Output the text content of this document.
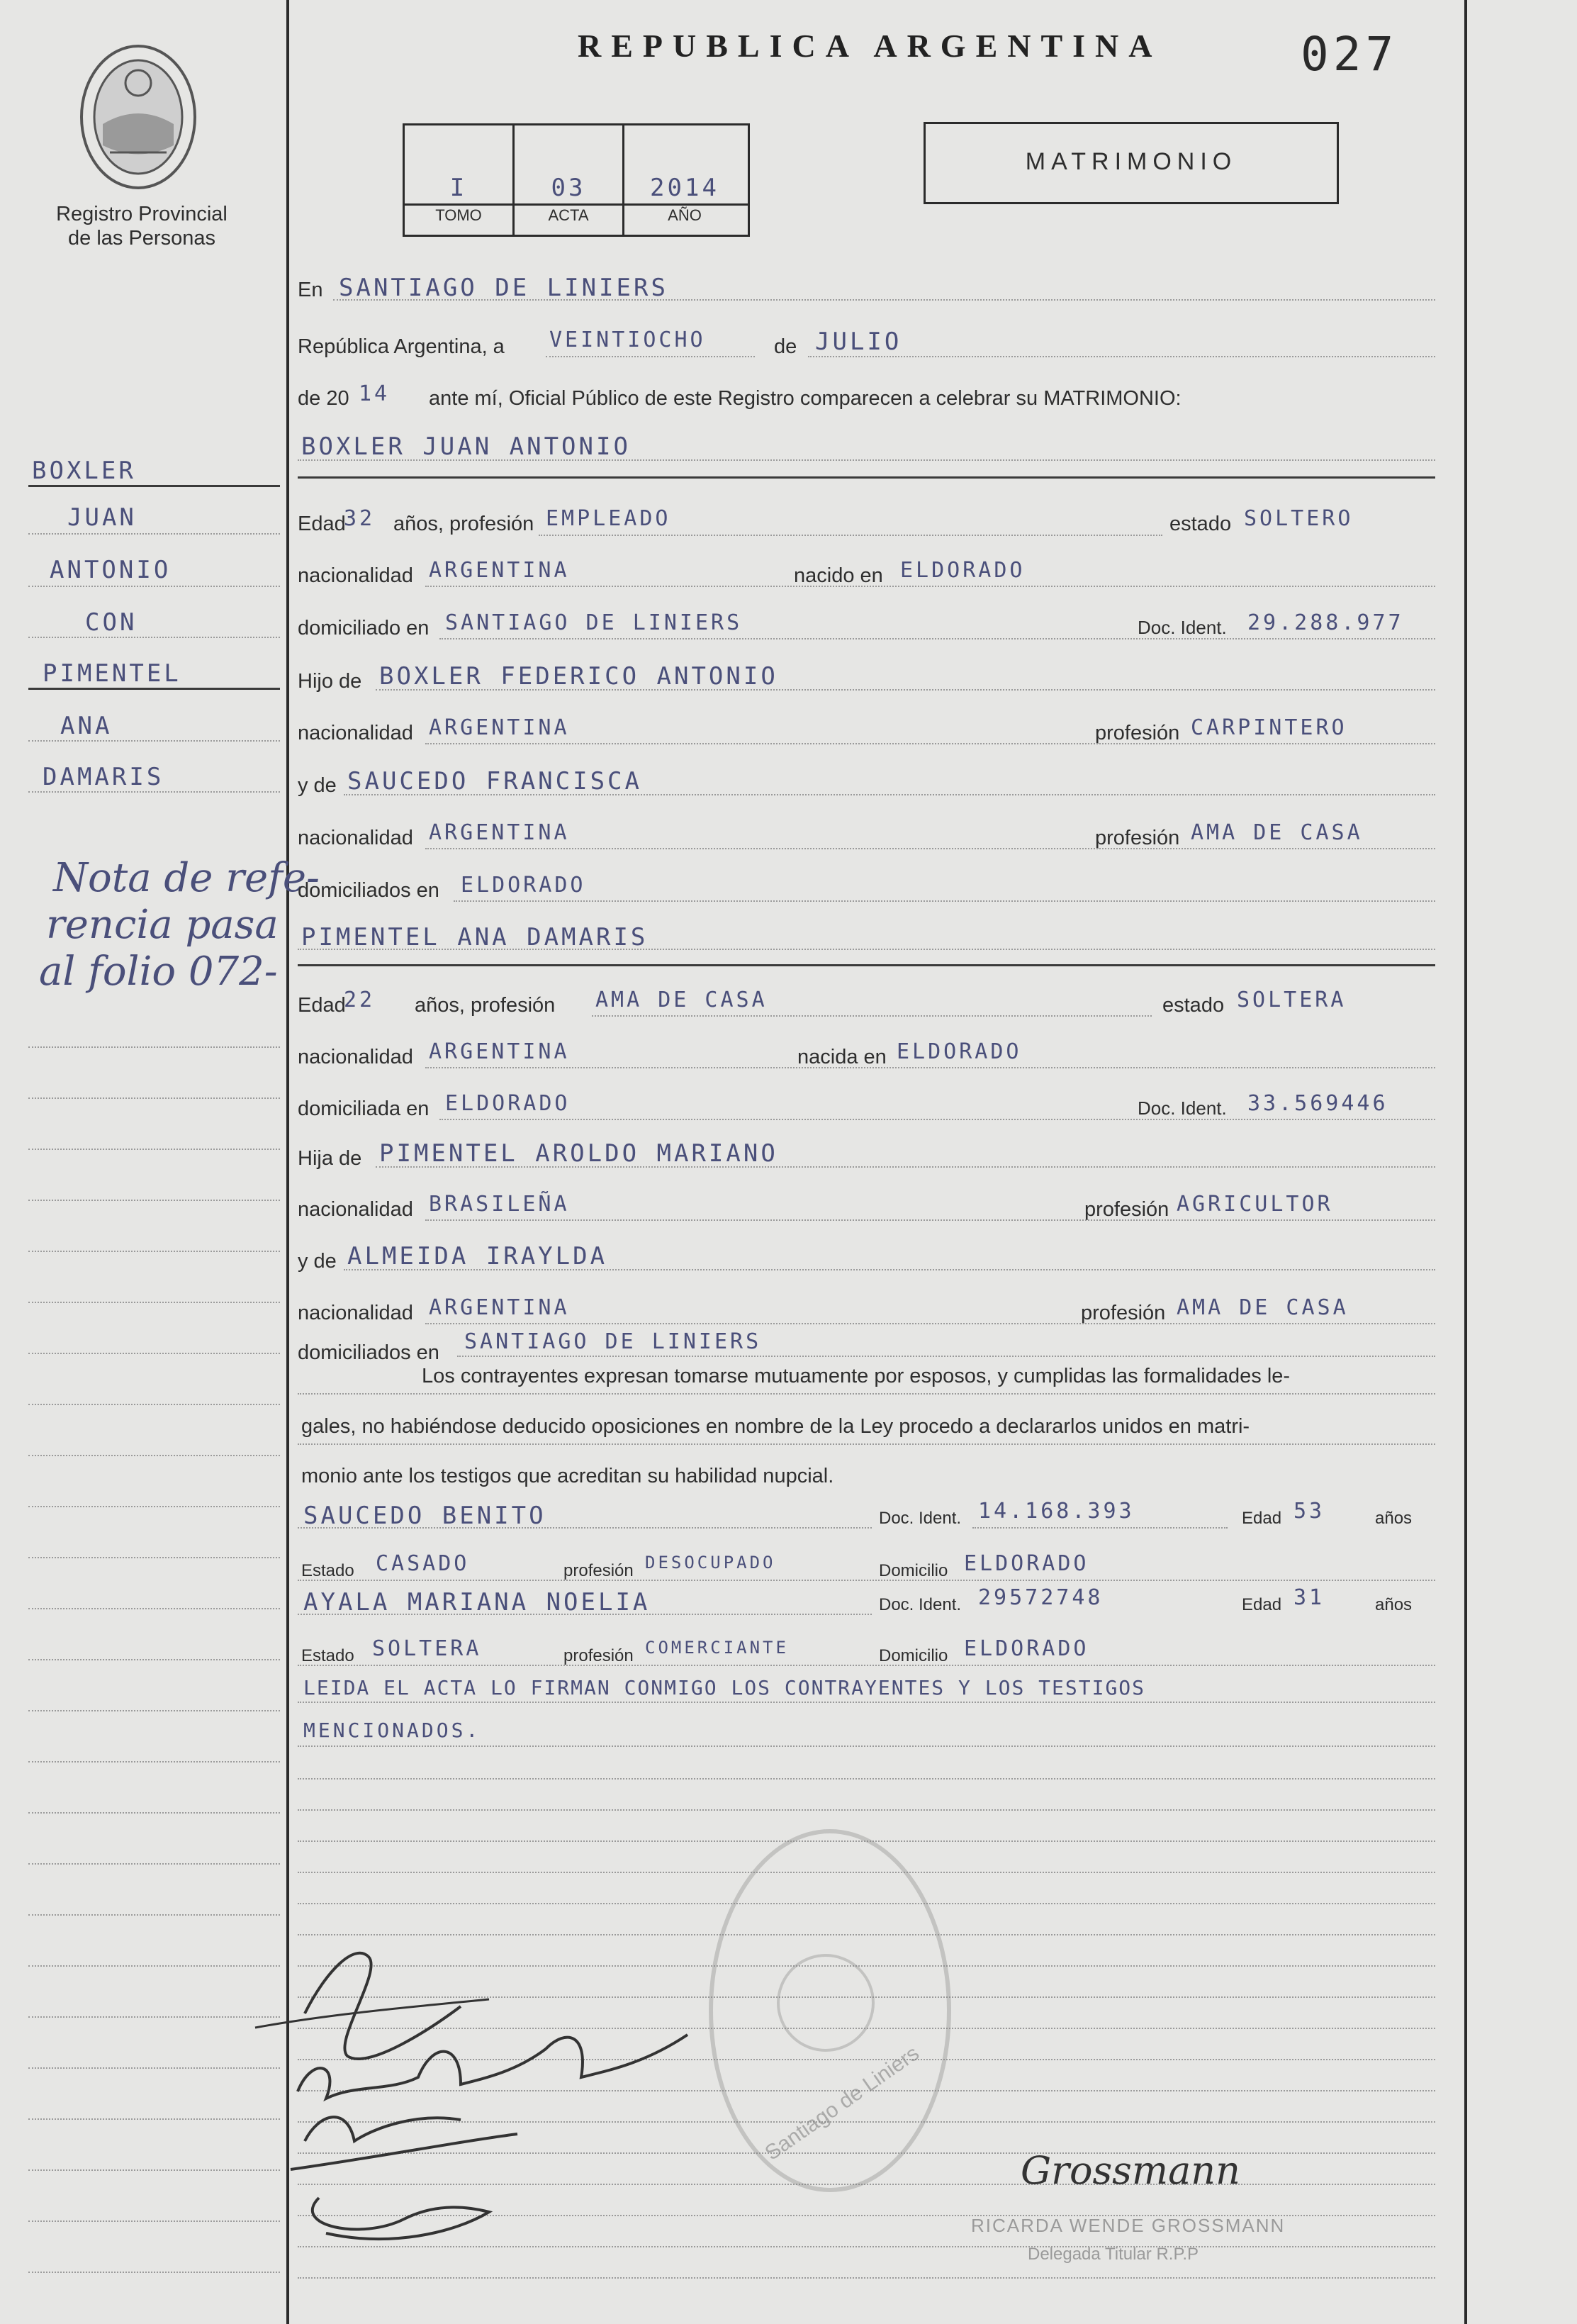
Registro Provincial
de las Personas
REPUBLICA ARGENTINA	027
I	03	2014
TOMO	ACTA	AÑO
MATRIMONIO
BOXLER
JUAN
ANTONIO
CON
PIMENTEL
ANA
DAMARIS
Nota de refe-
rencia pasa
al folio 072-
En SANTIAGO DE LINIERS
República Argentina, a VEINTIOCHO	de JULIO
de 20 14 ante mí, Oficial Público de este Registro comparecen a celebrar su MATRIMONIO:
BOXLER JUAN ANTONIO
Edad
32 años, profesión EMPLEADO	estado SOLTERO
nacionalidad ARGENTINA	nacido en ELDORADO
domiciliado en SANTIAGO DE LINIERS	Doc. Ident. 29.288.977
Hijo de BOXLER FEDERICO ANTONIO
nacionalidad ARGENTINA	profesión CARPINTERO
y de SAUCEDO FRANCISCA
nacionalidad ARGENTINA	profesión AMA DE CASA
domiciliados en ELDORADO
PIMENTEL ANA DAMARIS
Edad
22 años, profesión AMA DE CASA	estado SOLTERA
nacionalidad ARGENTINA	nacida en ELDORADO
domiciliada en ELDORADO	Doc. Ident. 33.569446
Hija de PIMENTEL AROLDO MARIANO
nacionalidad BRASILEÑA	profesión AGRICULTOR
y de ALMEIDA IRAYLDA
nacionalidad ARGENTINA	profesión AMA DE CASA
domiciliados en SANTIAGO DE LINIERS
Los contrayentes expresan tomarse mutuamente por esposos, y cumplidas las formalidades le-
gales, no habiéndose deducido oposiciones en nombre de la Ley procedo a declararlos unidos en matri-
monio ante los testigos que acreditan su habilidad nupcial.
SAUCEDO BENITO	Doc. Ident. 14.168.393	Edad 53	años
Estado CASADO	profesión DESOCUPADO	Domicilio ELDORADO
AYALA MARIANA NOELIA	Doc. Ident. 29572748	Edad 31	años
Estado SOLTERA	profesión COMERCIANTE	Domicilio ELDORADO
LEIDA EL ACTA LO FIRMAN CONMIGO LOS CONTRAYENTES Y LOS TESTIGOS
MENCIONADOS.
Santiago de Liniers
Grossmann
RICARDA WENDE GROSSMANN
Delegada Titular R.P.P
